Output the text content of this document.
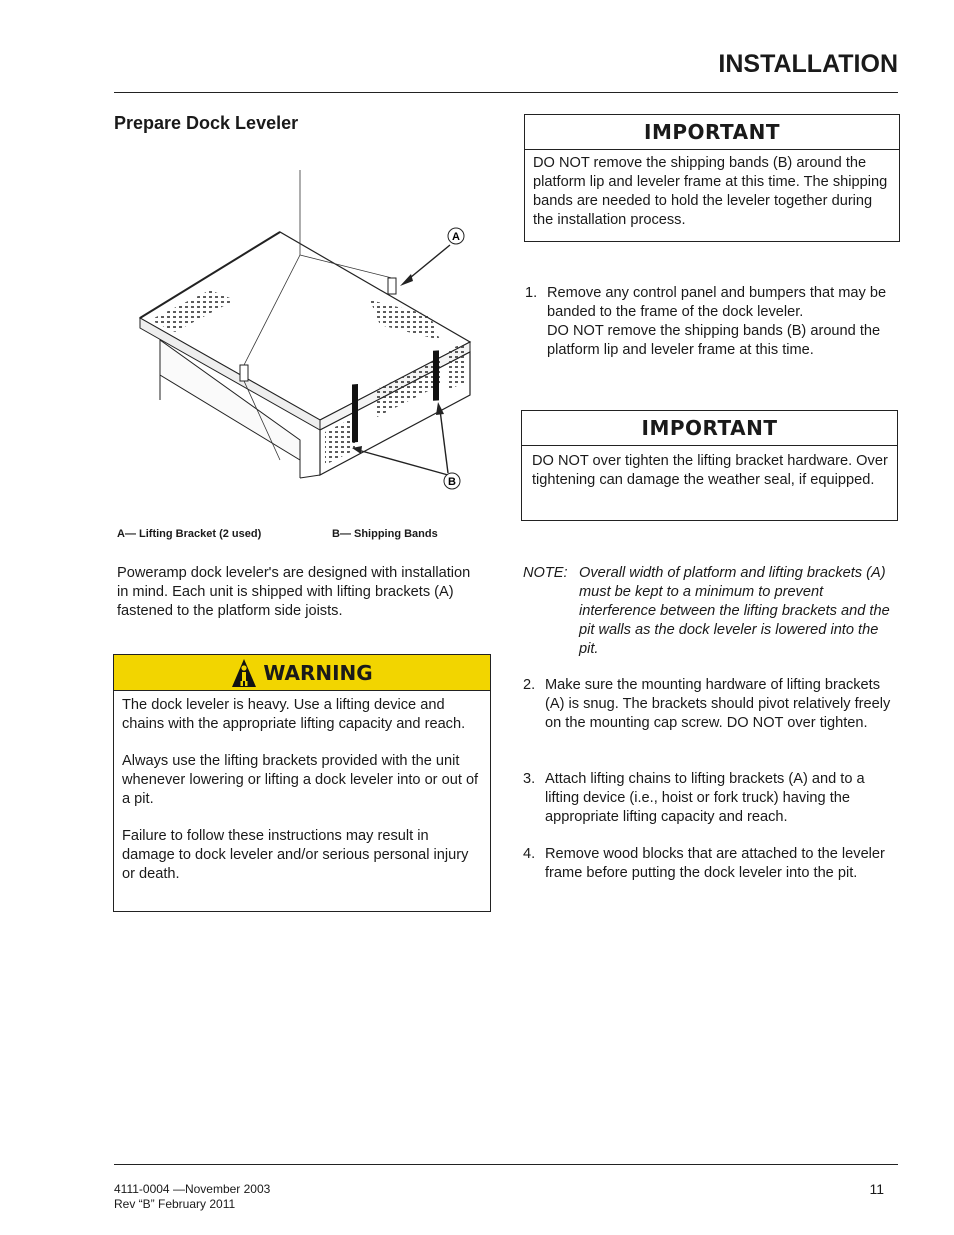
INSTALLATION
Prepare Dock Leveler
A
B
A— Lifting Bracket (2 used)	B— Shipping Bands
Poweramp dock leveler's are designed with installation in mind. Each unit is shipped with lifting brackets (A) fastened to the platform side joists.
WARNING

The dock leveler is heavy. Use a lifting device and chains with the appropriate lifting capacity and reach.

Always use the lifting brackets provided with the unit whenever lowering or lifting a dock leveler into or out of a pit.

Failure to follow these instructions may result in damage to dock leveler and/or serious personal injury or death.

IMPORTANT
DO NOT remove the shipping bands (B) around the platform lip and leveler frame at this time. The shipping bands are needed to hold the leveler together during the installation process.
1. Remove any control panel and bumpers that may be banded to the frame of the dock leveler.
DO NOT remove the shipping bands (B) around the platform lip and leveler frame at this time.
IMPORTANT
DO NOT over tighten the lifting bracket hardware. Over tightening can damage the weather seal, if equipped.
NOTE: Overall width of platform and lifting brackets (A) must be kept to a minimum to prevent interference between the lifting brackets and the pit walls as the dock leveler is lowered into the pit.
2. Make sure the mounting hardware of lifting brackets (A) is snug. The brackets should pivot relatively freely on the mounting cap screw. DO NOT over tighten.
3. Attach lifting chains to lifting brackets (A) and to a lifting device (i.e., hoist or fork truck) having the appropriate lifting capacity and reach.
4. Remove wood blocks that are attached to the leveler frame before putting the dock leveler into the pit.
4111-0004 —November 2003
Rev “B” February 2011
11
